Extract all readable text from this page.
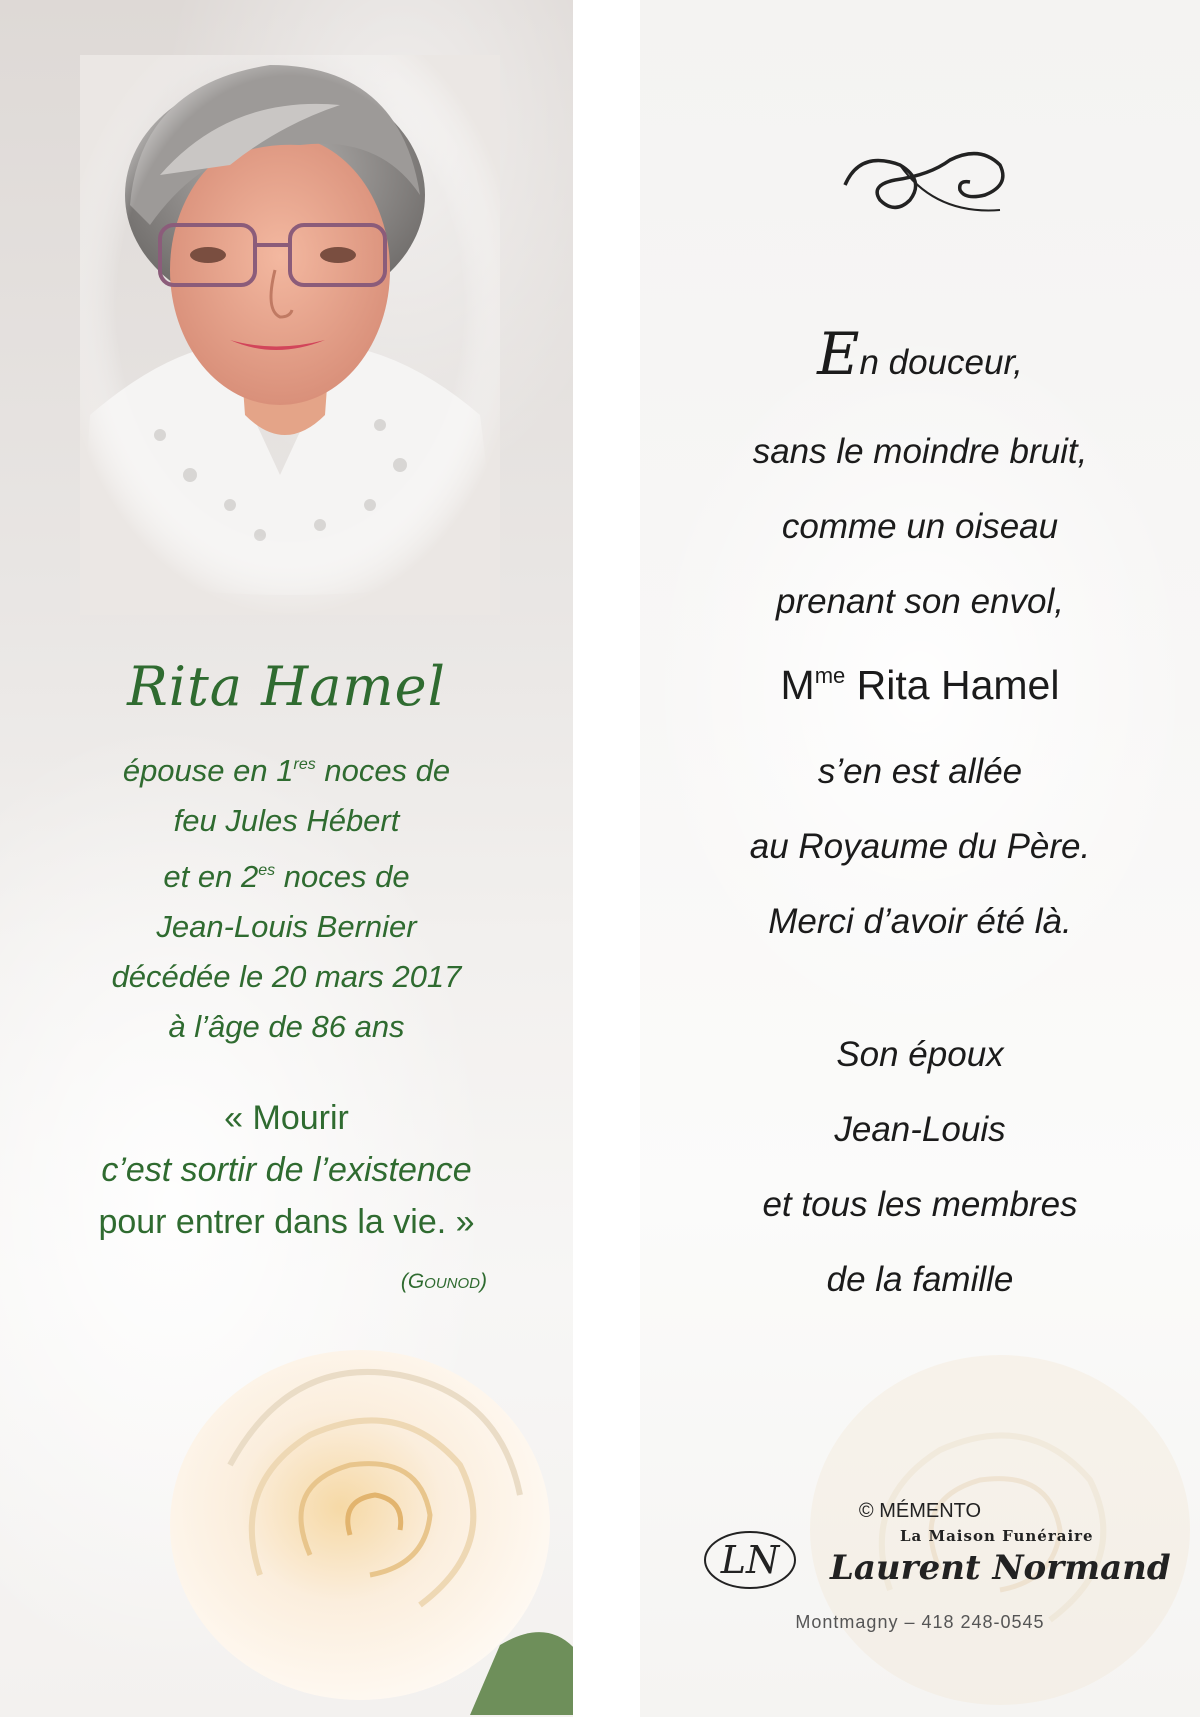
Rita Hamel
épouse en 1res noces de
feu Jules Hébert
et en $2^{es}$ noces de
Jean-Louis Bernier
décédée le 20 mars 2017
à l’âge de 86 ans
« Mourir
c’est sortir de l’existence
pour entrer dans la vie. »
(Gounod)
En douceur,
sans le moindre bruit,
comme un oiseau
prenant son envol,
$M^{me}$ Rita Hamel
s’en est allée
au Royaume du Père.
Merci d’avoir été là.
Son époux
Jean-Louis
et tous les membres
de la famille
© MÉMENTO
La Maison Funéraire
LN Laurent Normand
Montmagny – 418 248-0545
